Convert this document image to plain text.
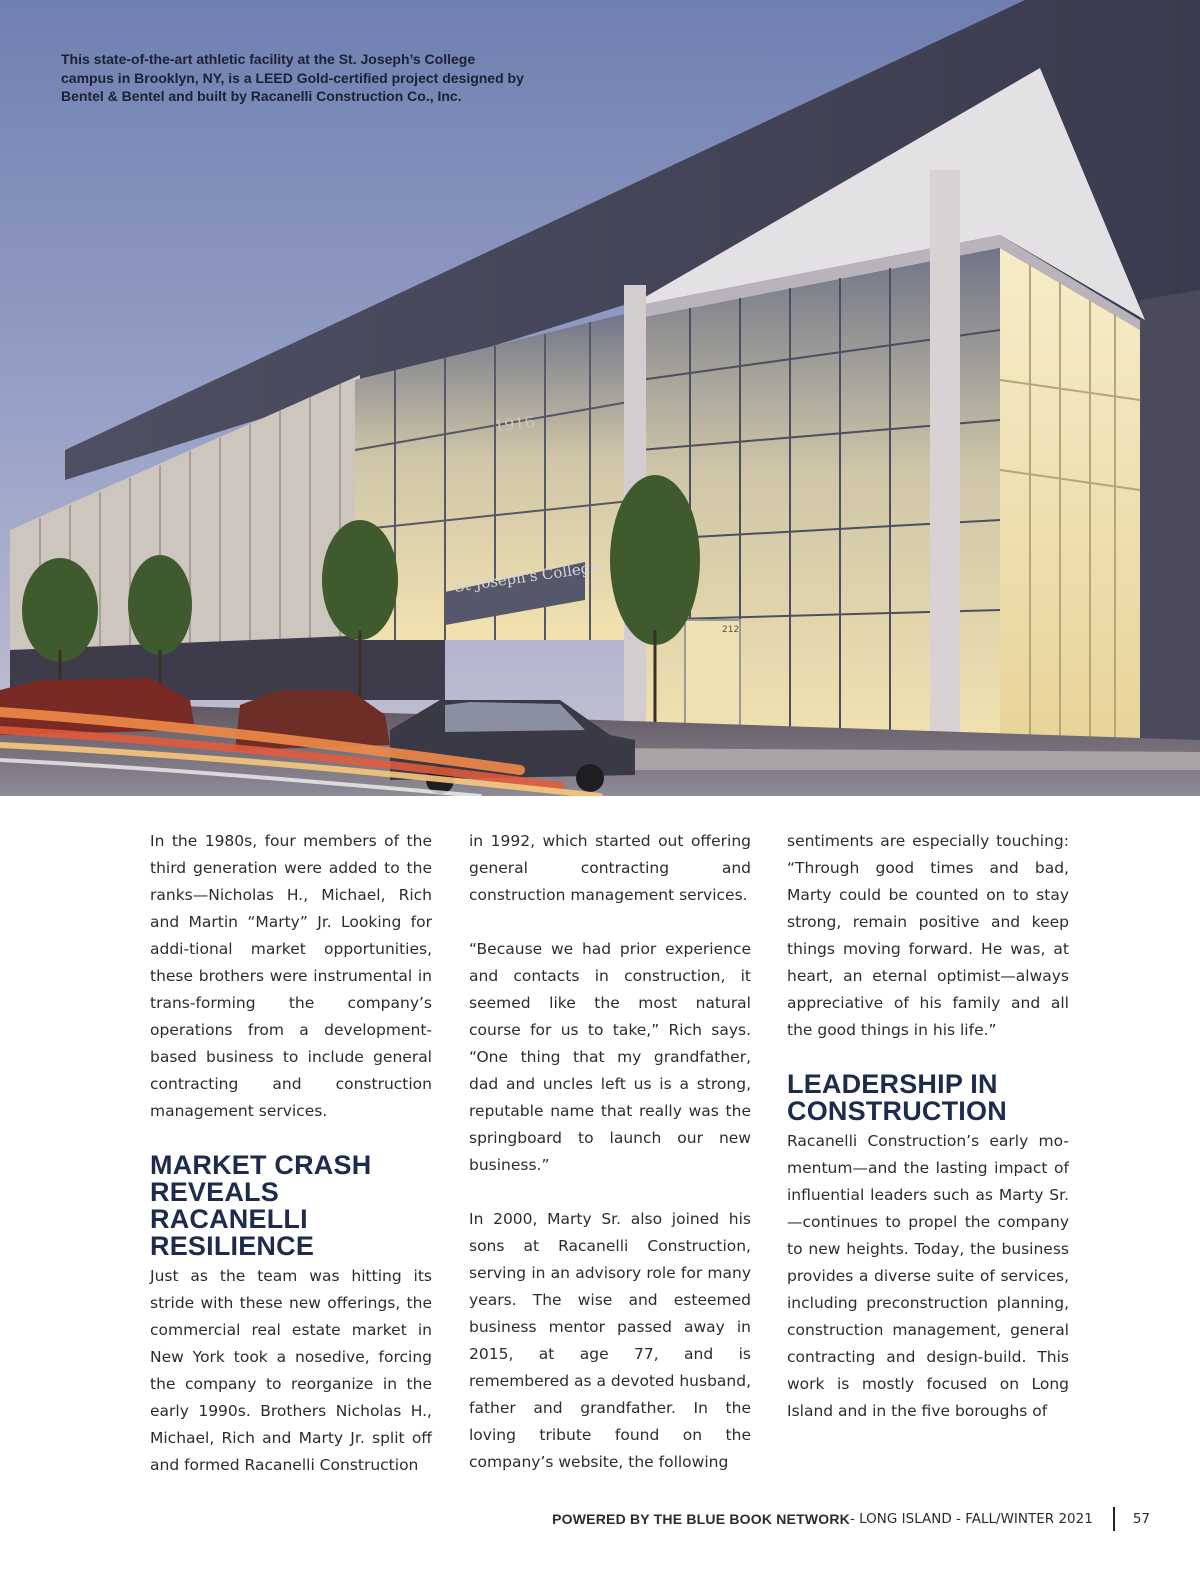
St Joseph's College
1916
212

This state-of-the-art athletic facility at the St. Joseph’s College campus in Brooklyn, NY, is a LEED Gold-certified project designed by Bentel & Bentel and built by Racanelli Construction Co., Inc.

In the 1980s, four members of the third generation were added to the ranks—Nicholas H., Michael, Rich and Martin “Marty” Jr. Looking for addi-tional market opportunities, these brothers were instrumental in trans-forming the company’s operations from a development-based business to include general contracting and construction management services.

MARKET CRASH REVEALS RACANELLI RESILIENCE

Just as the team was hitting its stride with these new offerings, the commercial real estate market in New York took a nosedive, forcing the company to reorganize in the early 1990s. Brothers Nicholas H., Michael, Rich and Marty Jr. split off and formed Racanelli Construction

in 1992, which started out offering general contracting and construction management services.

“Because we had prior experience and contacts in construction, it seemed like the most natural course for us to take,” Rich says. “One thing that my grandfather, dad and uncles left us is a strong, reputable name that really was the springboard to launch our new business.”

In 2000, Marty Sr. also joined his sons at Racanelli Construction, serving in an advisory role for many years. The wise and esteemed business mentor passed away in 2015, at age 77, and is remembered as a devoted husband, father and grandfather. In the loving tribute found on the company’s website, the following

sentiments are especially touching: “Through good times and bad, Marty could be counted on to stay strong, remain positive and keep things moving forward. He was, at heart, an eternal optimist—always appreciative of his family and all the good things in his life.”

LEADERSHIP IN CONSTRUCTION

Racanelli Construction’s early mo-mentum—and the lasting impact of influential leaders such as Marty Sr.—continues to propel the company to new heights. Today, the business provides a diverse suite of services, including preconstruction planning, construction management, general contracting and design-build. This work is mostly focused on Long Island and in the five boroughs of

POWERED BY THE BLUE BOOK NETWORK - LONG ISLAND - FALL/WINTER 2021	57
